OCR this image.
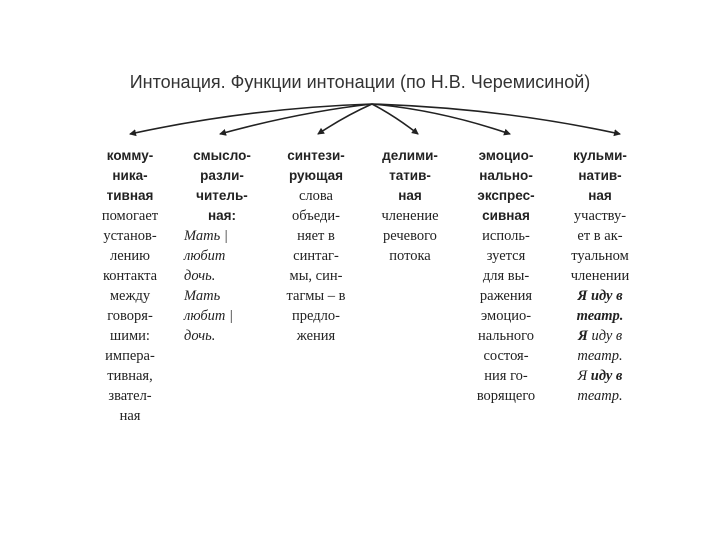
Интонация. Функции интонации (по Н.В. Черемисиной)
комму-
ника-
тивная
помогает
установ-
лению
контакта
между
говоря-
шими:
импера-
тивная,
звател-
ная
смысло-
разли-
читель-
ная:
Мать |
любит
дочь.
Мать
любит |
дочь.
синтези-
рующая
слова
объеди-
няет в
синтаг-
мы, син-
тагмы – в
предло-
жения
делими-
татив-
ная
членение
речевого
потока
эмоцио-
нально-
экспрес-
сивная
исполь-
зуется
для вы-
ражения
эмоцио-
нального
состоя-
ния го-
ворящего
кульми-
натив-
ная
участву-
ет в ак-
туальном
членении
Я иду в
театр.
Я иду в
театр.
Я иду в
театр.
